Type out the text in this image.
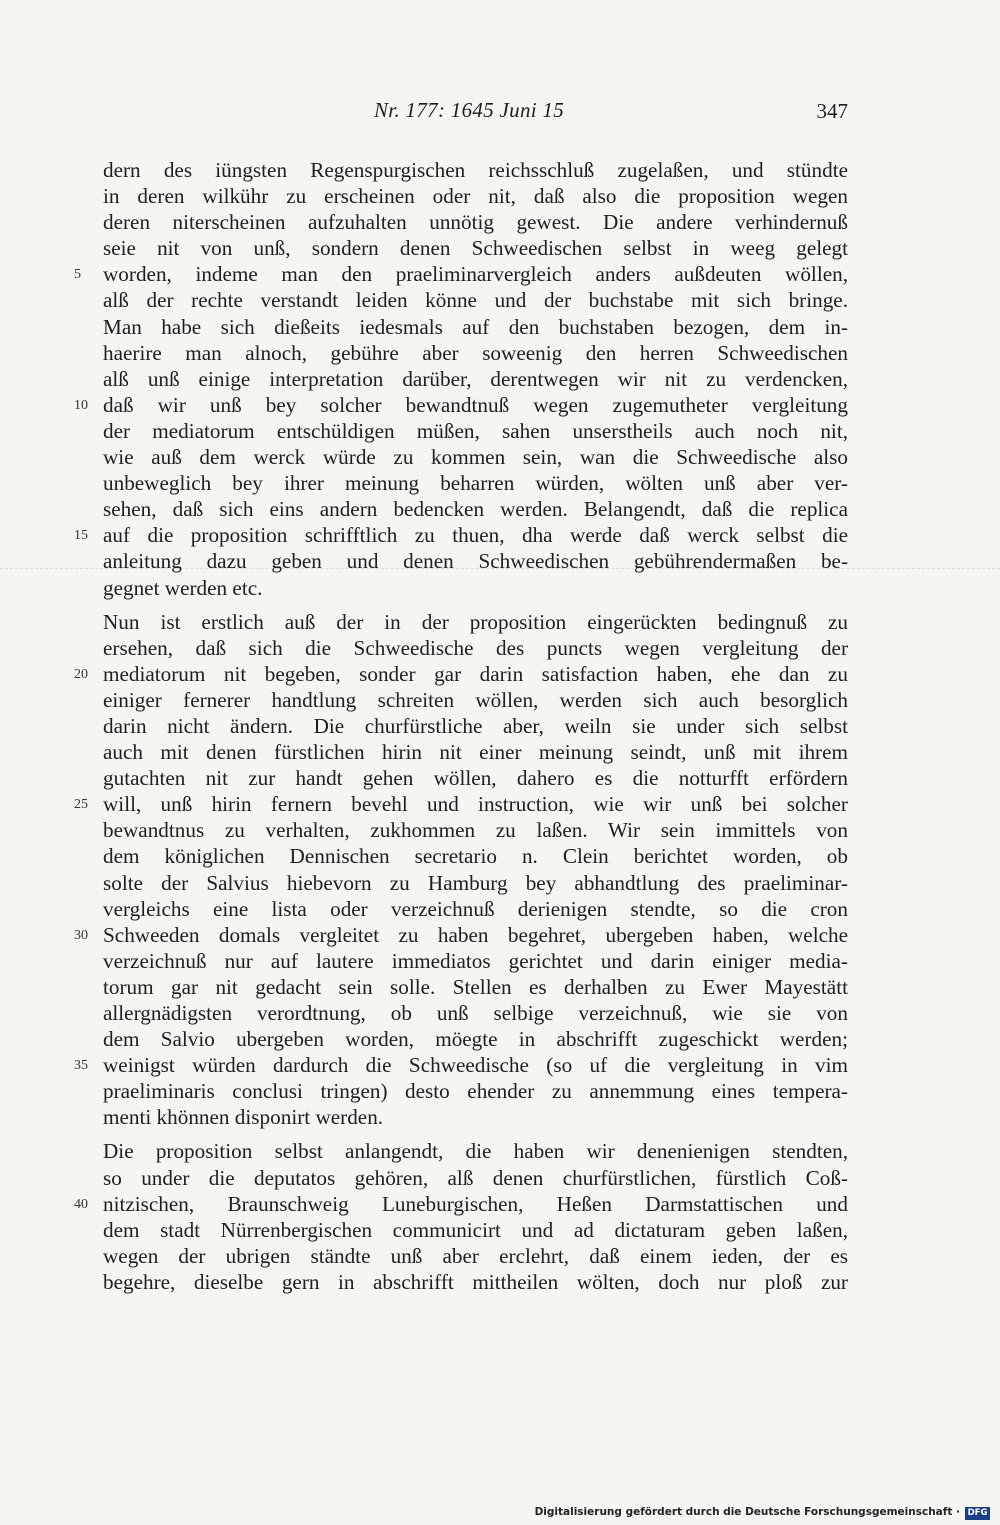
Nr. 177: 1645 Juni 15	347
dern des iüngsten Regenspurgischen reichsschluß zugelaßen, und stündte
in deren wilkühr zu erscheinen oder nit, daß also die proposition wegen
deren niterscheinen aufzuhalten unnötig gewest. Die andere verhindernuß
seie nit von unß, sondern denen Schweedischen selbst in weeg gelegt
5 worden, indeme man den praeliminarvergleich anders außdeuten wöllen,
alß der rechte verstandt leiden könne und der buchstabe mit sich bringe.
Man habe sich dießeits iedesmals auf den buchstaben bezogen, dem in-
haerire man alnoch, gebühre aber soweenig den herren Schweedischen
alß unß einige interpretation darüber, derentwegen wir nit zu verdencken,
10 daß wir unß bey solcher bewandtnuß wegen zugemutheter vergleitung
der mediatorum entschüldigen müßen, sahen unserstheils auch noch nit,
wie auß dem werck würde zu kommen sein, wan die Schweedische also
unbeweglich bey ihrer meinung beharren würden, wölten unß aber ver-
sehen, daß sich eins andern bedencken werden. Belangendt, daß die replica
15 auf die proposition schrifftlich zu thuen, dha werde daß werck selbst die
anleitung dazu geben und denen Schweedischen gebührendermaßen be-
gegnet werden etc.
Nun ist erstlich auß der in der proposition eingerückten bedingnuß zu
ersehen, daß sich die Schweedische des puncts wegen vergleitung der
20 mediatorum nit begeben, sonder gar darin satisfaction haben, ehe dan zu
einiger fernerer handtlung schreiten wöllen, werden sich auch besorglich
darin nicht ändern. Die churfürstliche aber, weiln sie under sich selbst
auch mit denen fürstlichen hirin nit einer meinung seindt, unß mit ihrem
gutachten nit zur handt gehen wöllen, dahero es die notturfft erfördern
25 will, unß hirin fernern bevehl und instruction, wie wir unß bei solcher
bewandtnus zu verhalten, zukhommen zu laßen. Wir sein immittels von
dem königlichen Dennischen secretario n. Clein berichtet worden, ob
solte der Salvius hiebevorn zu Hamburg bey abhandtlung des praeliminar-
vergleichs eine lista oder verzeichnuß derienigen stendte, so die cron
30 Schweeden domals vergleitet zu haben begehret, ubergeben haben, welche
verzeichnuß nur auf lautere immediatos gerichtet und darin einiger media-
torum gar nit gedacht sein solle. Stellen es derhalben zu Ewer Mayestätt
allergnädigsten verordtnung, ob unß selbige verzeichnuß, wie sie von
dem Salvio ubergeben worden, möegte in abschrifft zugeschickt werden;
35 weinigst würden dardurch die Schweedische (so uf die vergleitung in vim
praeliminaris conclusi tringen) desto ehender zu annemmung eines tempera-
menti khönnen disponirt werden.
Die proposition selbst anlangendt, die haben wir denenienigen stendten,
so under die deputatos gehören, alß denen churfürstlichen, fürstlich Coß-
40 nitzischen, Braunschweig Luneburgischen, Heßen Darmstattischen und
dem stadt Nürrenbergischen communicirt und ad dictaturam geben laßen,
wegen der ubrigen ständte unß aber erclehrt, daß einem ieden, der es
begehre, dieselbe gern in abschrifft mittheilen wölten, doch nur ploß zur
Digitalisierung gefördert durch die Deutsche Forschungsgemeinschaft · DFG
